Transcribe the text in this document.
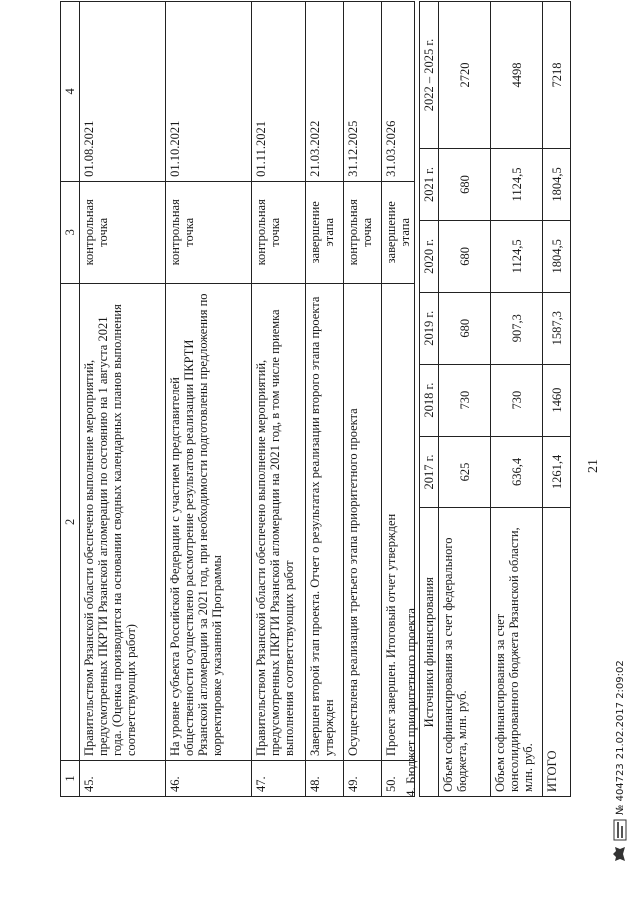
21
1	2	3	4
45.	Правительством Рязанской области обеспечено выполнение мероприятий, предусмотренных ПКРТИ Рязанской агломерации по состоянию на 1 августа 2021 года. (Оценка производится на основании сводных календарных планов выполнения соответствующих работ)	контрольная точка	01.08.2021
46.	На уровне субъекта Российской Федерации с участием представителей общественности осуществлено рассмотрение результатов реализации ПКРТИ Рязанской агломерации за 2021 год, при необходимости подготовлены предложения по корректировке указанной Программы	контрольная точка	01.10.2021
47.	Правительством Рязанской области обеспечено выполнение мероприятий, предусмотренных ПКРТИ Рязанской агломерации на 2021 год, в том числе приемка выполнения соответствующих работ	контрольная точка	01.11.2021
48.	Завершен второй этап проекта. Отчет о результатах реализации второго этапа проекта утвержден	завершение этапа	21.03.2022
49.	Осуществлена реализация третьего этапа приоритетного проекта	контрольная точка	31.12.2025
50.	Проект завершен. Итоговый отчет утвержден	завершение этапа	31.03.2026
4. Бюджет приоритетного проекта Источники финансирования	2017 г.	2018 г.	2019 г.	2020 г.	2021 г.	2022 – 2025 г.
Объем софинансирования за счет федерального бюджета, млн. руб.	625	730	680	680	680	2720
Объем софинансирования за счет консолидированного бюджета Рязанской области, млн. руб.	636,4	730	907,3	1124,5	1124,5	4498
ИТОГО	1261,4	1460	1587,3	1804,5	1804,5	7218
№ 404723
21.02.2017 2:09:02
